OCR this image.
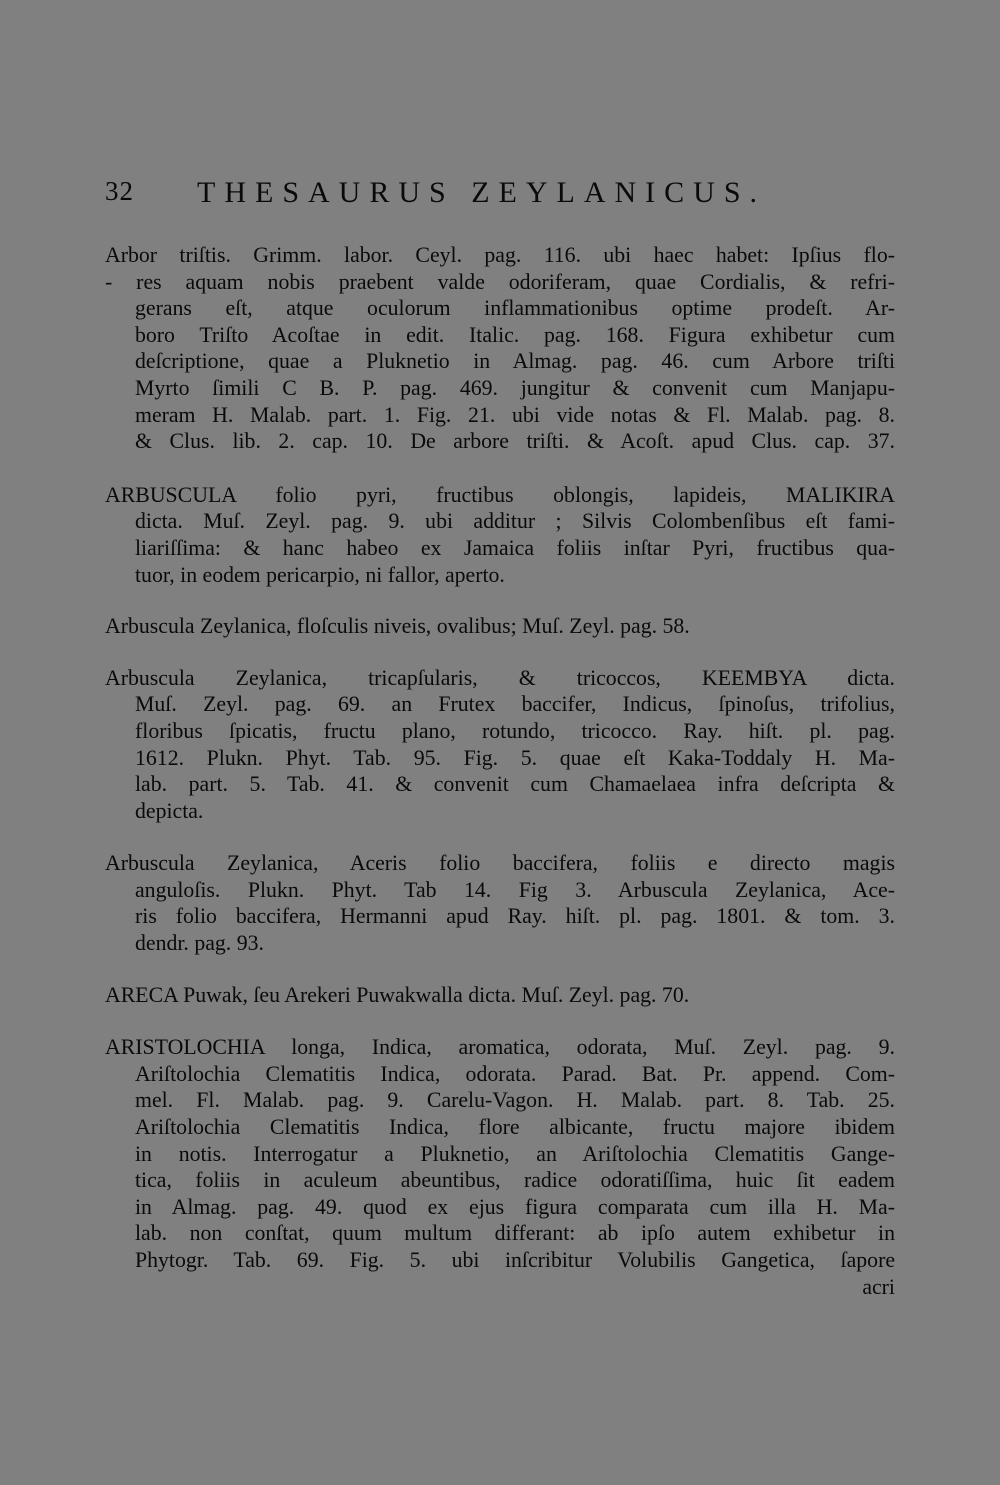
32 THESAURUS ZEYLANICUS.

Arbor triſtis. Grimm. labor. Ceyl. pag. 116. ubi haec habet: Ipſius flo-
- res aquam nobis praebent valde odoriferam, quae Cordialis, & refri-
gerans eſt, atque oculorum inflammationibus optime prodeſt. Ar-
boro Triſto Acoſtae in edit. Italic. pag. 168. Figura exhibetur cum
deſcriptione, quae a Pluknetio in Almag. pag. 46. cum Arbore triſti
Myrto ſimili C B. P. pag. 469. jungitur & convenit cum Manjapu-
meram H. Malab. part. 1. Fig. 21. ubi vide notas & Fl. Malab. pag. 8.
& Clus. lib. 2. cap. 10. De arbore triſti. & Acoſt. apud Clus. cap. 37.

ARBUSCULA folio pyri, fructibus oblongis, lapideis, MALIKIRA
dicta. Muſ. Zeyl. pag. 9. ubi additur ; Silvis Colombenſibus eſt fami-
liariſſima: & hanc habeo ex Jamaica foliis inſtar Pyri, fructibus qua-
tuor, in eodem pericarpio, ni fallor, aperto.

Arbuscula Zeylanica, floſculis niveis, ovalibus; Muſ. Zeyl. pag. 58.

Arbuscula Zeylanica, tricapſularis, & tricoccos, KEEMBYA dicta.
Muſ. Zeyl. pag. 69. an Frutex baccifer, Indicus, ſpinoſus, trifolius,
floribus ſpicatis, fructu plano, rotundo, tricocco. Ray. hiſt. pl. pag.
1612. Plukn. Phyt. Tab. 95. Fig. 5. quae eſt Kaka-Toddaly H. Ma-
lab. part. 5. Tab. 41. & convenit cum Chamaelaea infra deſcripta &
depicta.

Arbuscula Zeylanica, Aceris folio baccifera, foliis e directo magis
anguloſis. Plukn. Phyt. Tab 14. Fig 3. Arbuscula Zeylanica, Ace-
ris folio baccifera, Hermanni apud Ray. hiſt. pl. pag. 1801. & tom. 3.
dendr. pag. 93.

ARECA Puwak, ſeu Arekeri Puwakwalla dicta. Muſ. Zeyl. pag. 70.

ARISTOLOCHIA longa, Indica, aromatica, odorata, Muſ. Zeyl. pag. 9.
Ariſtolochia Clematitis Indica, odorata. Parad. Bat. Pr. append. Com-
mel. Fl. Malab. pag. 9. Carelu-Vagon. H. Malab. part. 8. Tab. 25.
Ariſtolochia Clematitis Indica, flore albicante, fructu majore ibidem
in notis. Interrogatur a Pluknetio, an Ariſtolochia Clematitis Gange-
tica, foliis in aculeum abeuntibus, radice odoratiſſima, huic ſit eadem
in Almag. pag. 49. quod ex ejus figura comparata cum illa H. Ma-
lab. non conſtat, quum multum differant: ab ipſo autem exhibetur in
Phytogr. Tab. 69. Fig. 5. ubi inſcribitur Volubilis Gangetica, ſapore

acri
